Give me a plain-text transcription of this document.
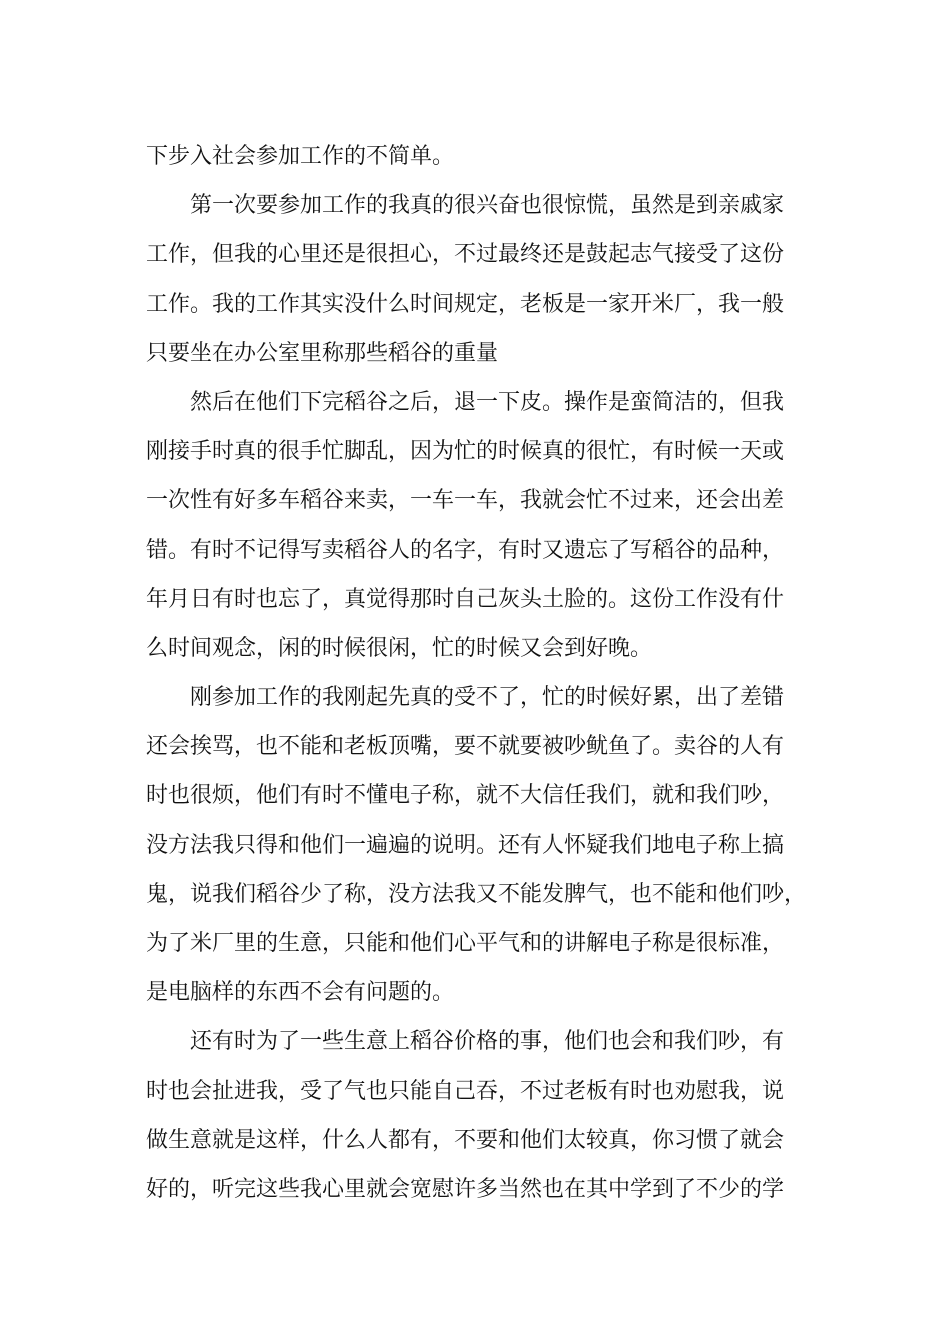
下步入社会参加工作的不简单。
第一次要参加工作的我真的很兴奋也很惊慌，虽然是到亲戚家
工作，但我的心里还是很担心，不过最终还是鼓起志气接受了这份
工作。我的工作其实没什么时间规定，老板是一家开米厂，我一般
只要坐在办公室里称那些稻谷的重量
然后在他们下完稻谷之后，退一下皮。操作是蛮简洁的，但我
刚接手时真的很手忙脚乱，因为忙的时候真的很忙，有时候一天或
一次性有好多车稻谷来卖，一车一车，我就会忙不过来，还会出差
错。有时不记得写卖稻谷人的名字，有时又遗忘了写稻谷的品种，
年月日有时也忘了，真觉得那时自己灰头土脸的。这份工作没有什
么时间观念，闲的时候很闲，忙的时候又会到好晚。
刚参加工作的我刚起先真的受不了，忙的时候好累，出了差错
还会挨骂，也不能和老板顶嘴，要不就要被吵鱿鱼了。卖谷的人有
时也很烦，他们有时不懂电子称，就不大信任我们，就和我们吵，
没方法我只得和他们一遍遍的说明。还有人怀疑我们地电子称上搞
鬼，说我们稻谷少了称，没方法我又不能发脾气，也不能和他们吵，
为了米厂里的生意，只能和他们心平气和的讲解电子称是很标准，
是电脑样的东西不会有问题的。
还有时为了一些生意上稻谷价格的事，他们也会和我们吵，有
时也会扯进我，受了气也只能自己吞，不过老板有时也劝慰我，说
做生意就是这样，什么人都有，不要和他们太较真，你习惯了就会
好的，听完这些我心里就会宽慰许多当然也在其中学到了不少的学
